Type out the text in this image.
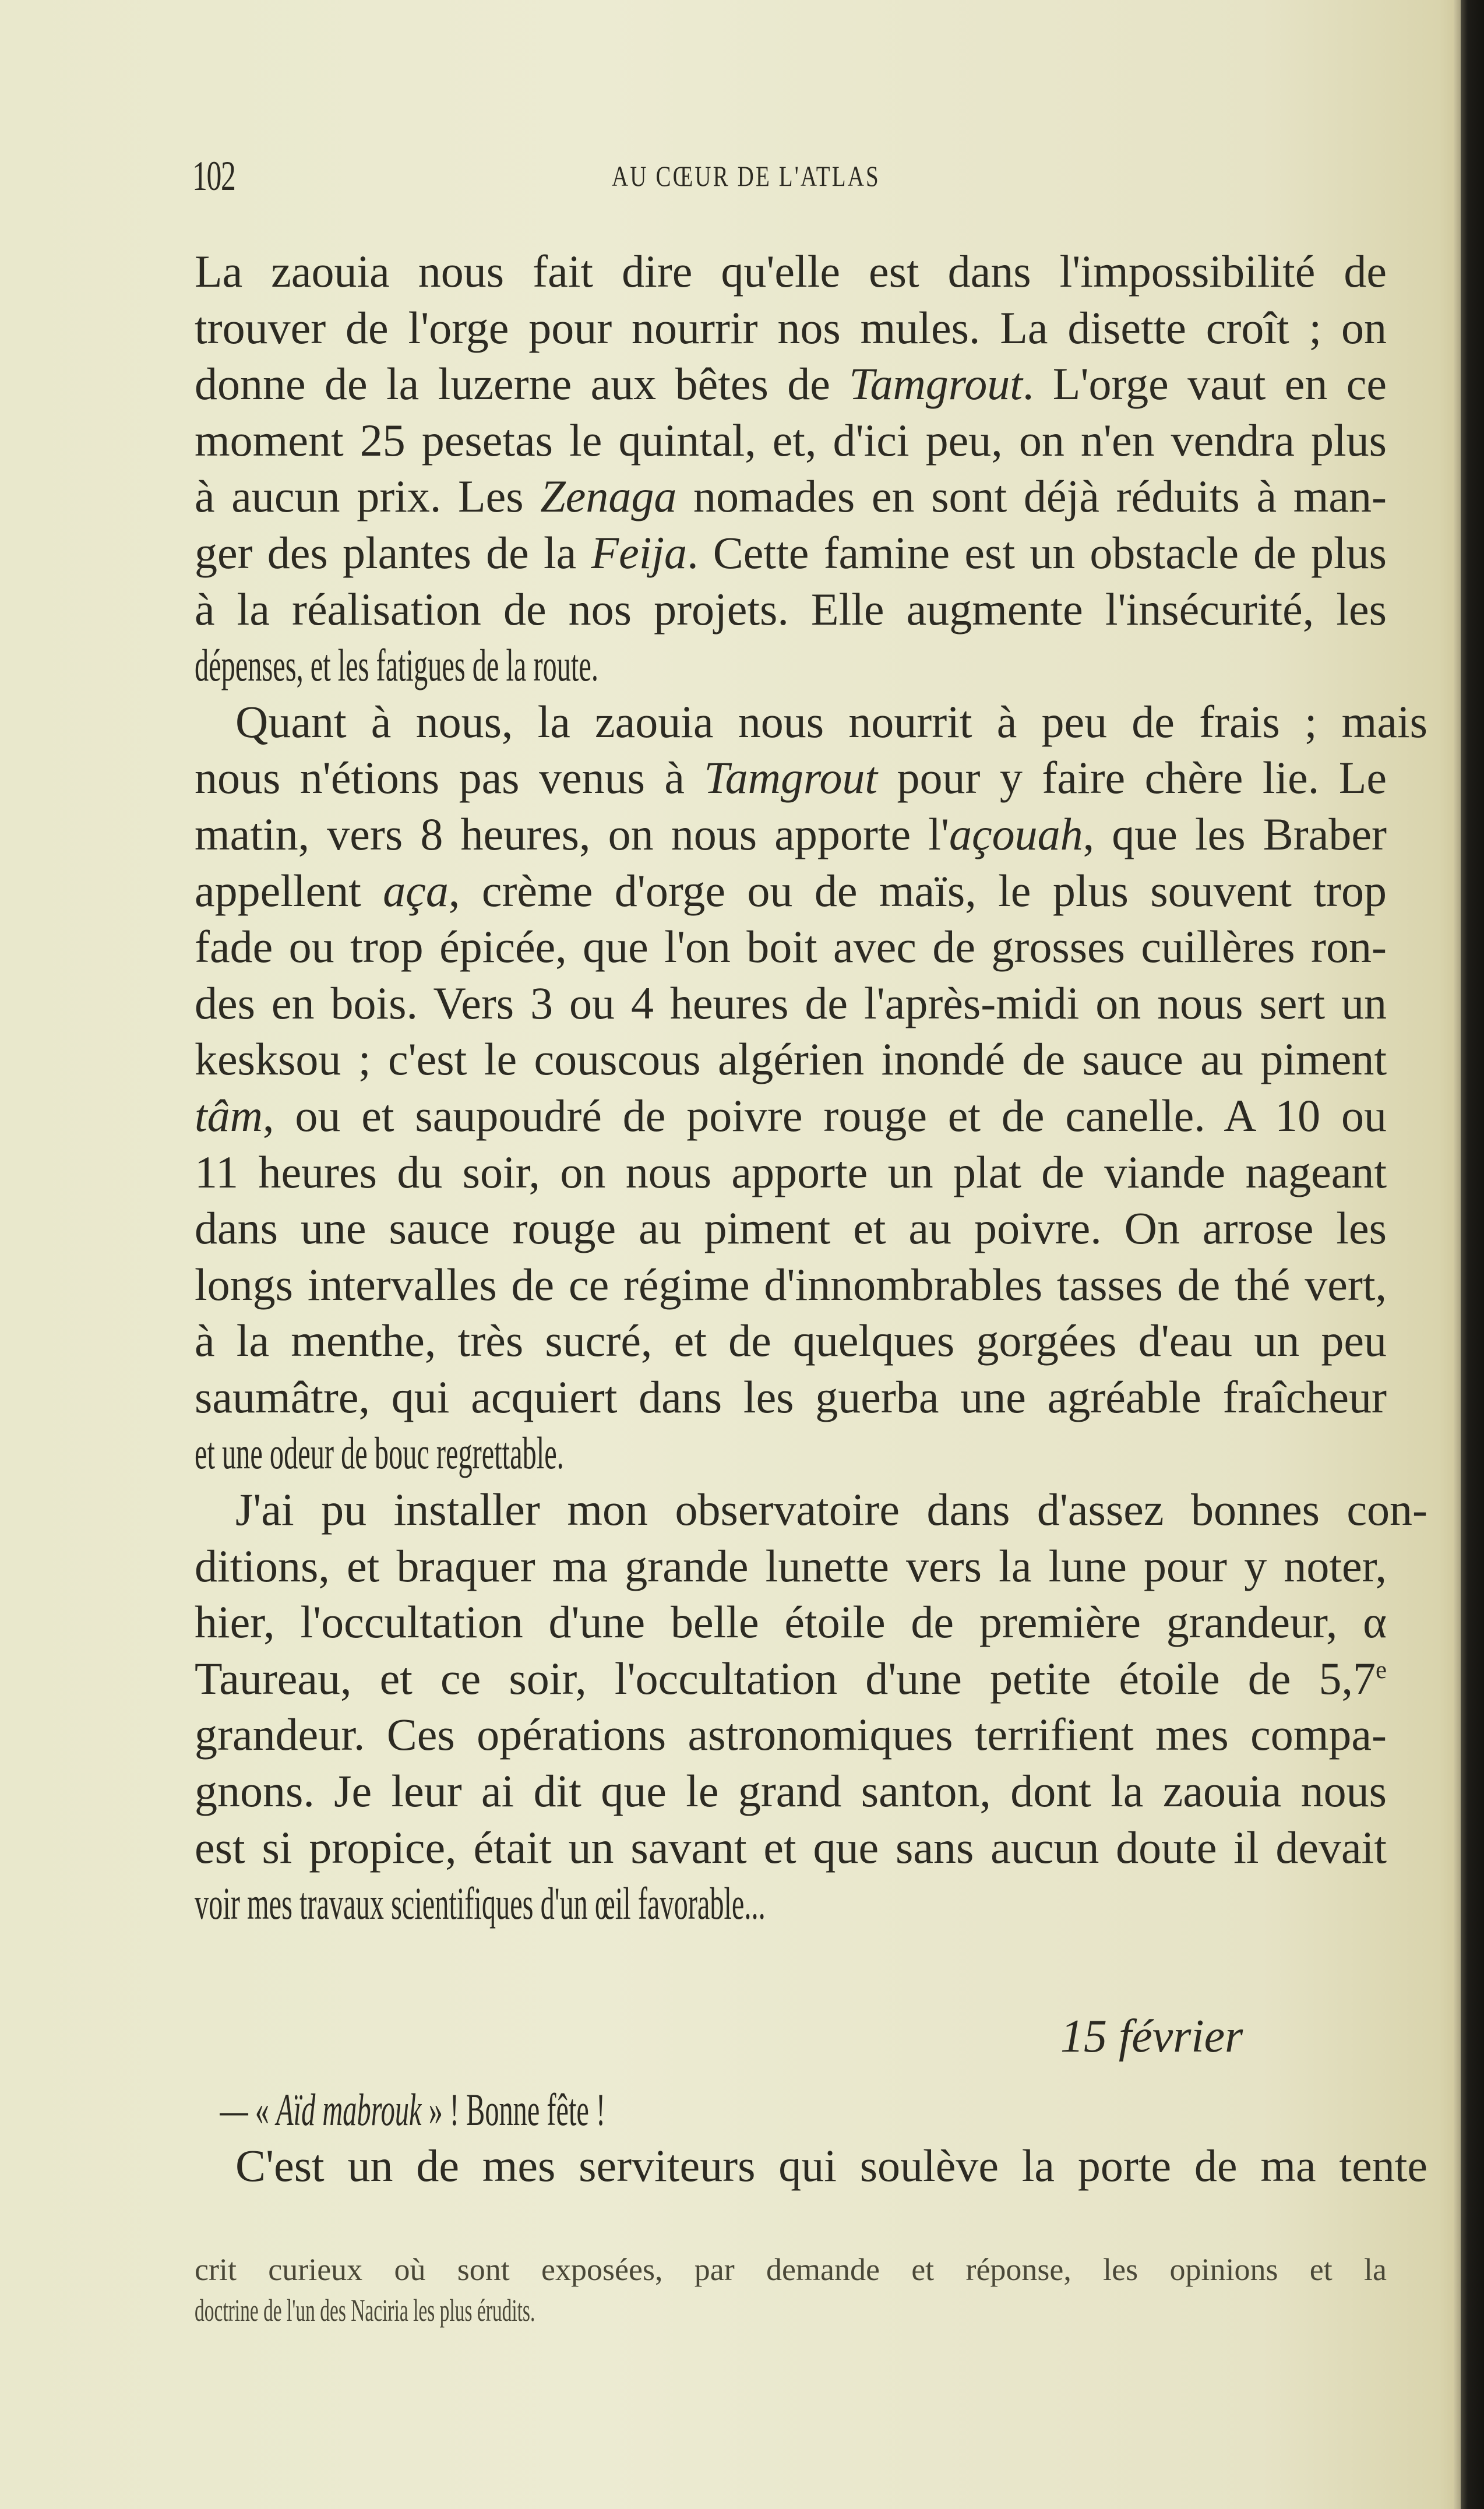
102	AU CŒUR DE L'ATLAS
La zaouia nous fait dire qu'elle est dans l'impossibilité de
trouver de l'orge pour nourrir nos mules. La disette croît ; on
donne de la luzerne aux bêtes de Tamgrout. L'orge vaut en ce
moment 25 pesetas le quintal, et, d'ici peu, on n'en vendra plus
à aucun prix. Les Zenaga nomades en sont déjà réduits à man-
ger des plantes de la Feija. Cette famine est un obstacle de plus
à la réalisation de nos projets. Elle augmente l'insécurité, les
dépenses, et les fatigues de la route.
Quant à nous, la zaouia nous nourrit à peu de frais ; mais
nous n'étions pas venus à Tamgrout pour y faire chère lie. Le
matin, vers 8 heures, on nous apporte l'açouah, que les Braber
appellent aça, crème d'orge ou de maïs, le plus souvent trop
fade ou trop épicée, que l'on boit avec de grosses cuillères ron-
des en bois. Vers 3 ou 4 heures de l'après-midi on nous sert un
kesksou ; c'est le couscous algérien inondé de sauce au piment
tâm, ou et saupoudré de poivre rouge et de canelle. A 10 ou
11 heures du soir, on nous apporte un plat de viande nageant
dans une sauce rouge au piment et au poivre. On arrose les
longs intervalles de ce régime d'innombrables tasses de thé vert,
à la menthe, très sucré, et de quelques gorgées d'eau un peu
saumâtre, qui acquiert dans les guerba une agréable fraîcheur
et une odeur de bouc regrettable.
J'ai pu installer mon observatoire dans d'assez bonnes con-
ditions, et braquer ma grande lunette vers la lune pour y noter,
hier, l'occultation d'une belle étoile de première grandeur, α
Taureau, et ce soir, l'occultation d'une petite étoile de 5,7e
grandeur. Ces opérations astronomiques terrifient mes compa-
gnons. Je leur ai dit que le grand santon, dont la zaouia nous
est si propice, était un savant et que sans aucun doute il devait
voir mes travaux scientifiques d'un œil favorable...
15 février
— « Aïd mabrouk » ! Bonne fête !
C'est un de mes serviteurs qui soulève la porte de ma tente
crit curieux où sont exposées, par demande et réponse, les opinions et la
doctrine de l'un des Naciria les plus érudits.
